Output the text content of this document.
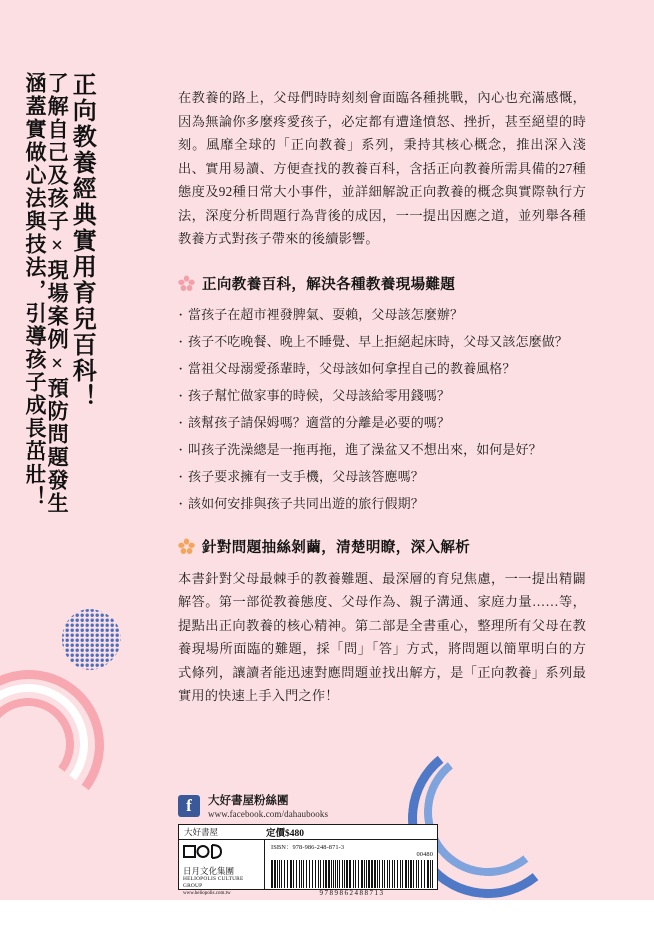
涵蓋實做心法與技法，引導孩子成長茁壯！
了解自己及孩子×現場案例×預防問題發生 正向教養經典實用育兒百科！	在教養的路上，父母們時時刻刻會面臨各種挑戰，內心也充滿感慨，因為無論你多麼疼愛孩子，必定都有遭逢憤怒、挫折，甚至絕望的時刻。風靡全球的「正向教養」系列，秉持其核心概念，推出深入淺出、實用易讀、方便查找的教養百科，含括正向教養所需具備的27種態度及92種日常大小事件，並詳細解說正向教養的概念與實際執行方法，深度分析問題行為背後的成因，一一提出因應之道，並列舉各種教養方式對孩子帶來的後續影響。

正向教養百科，解決各種教養現場難題
· 當孩子在超市裡發脾氣、耍賴，父母該怎麼辦？
· 孩子不吃晚餐、晚上不睡覺、早上拒絕起床時，父母又該怎麼做？
· 當祖父母溺愛孫輩時，父母該如何拿捏自己的教養風格？
· 孩子幫忙做家事的時候，父母該給零用錢嗎？
· 該幫孩子請保姆嗎？適當的分離是必要的嗎？
· 叫孩子洗澡總是一拖再拖，進了澡盆又不想出來，如何是好？
· 孩子要求擁有一支手機，父母該答應嗎？
· 該如何安排與孩子共同出遊的旅行假期？
針對問題抽絲剝繭，清楚明瞭，深入解析

本書針對父母最棘手的教養難題、最深層的育兒焦慮，一一提出精闢解答。第一部從教養態度、父母作為、親子溝通、家庭力量……等，提點出正向教養的核心精神。第二部是全書重心，整理所有父母在教養現場所面臨的難題，採「問」「答」方式，將問題以簡單明白的方式條列，讓讀者能迅速對應問題並找出解方，是「正向教養」系列最實用的快速上手入門之作！

f	大好書屋粉絲團
www.facebook.com/dahaubooks
大好書屋	定價$480
日月文化集團
HELIOPOLIS CULTURE GROUP
www.heliopolis.com.tw
ISBN：978-986-248-871-3
00480
9789862488713
